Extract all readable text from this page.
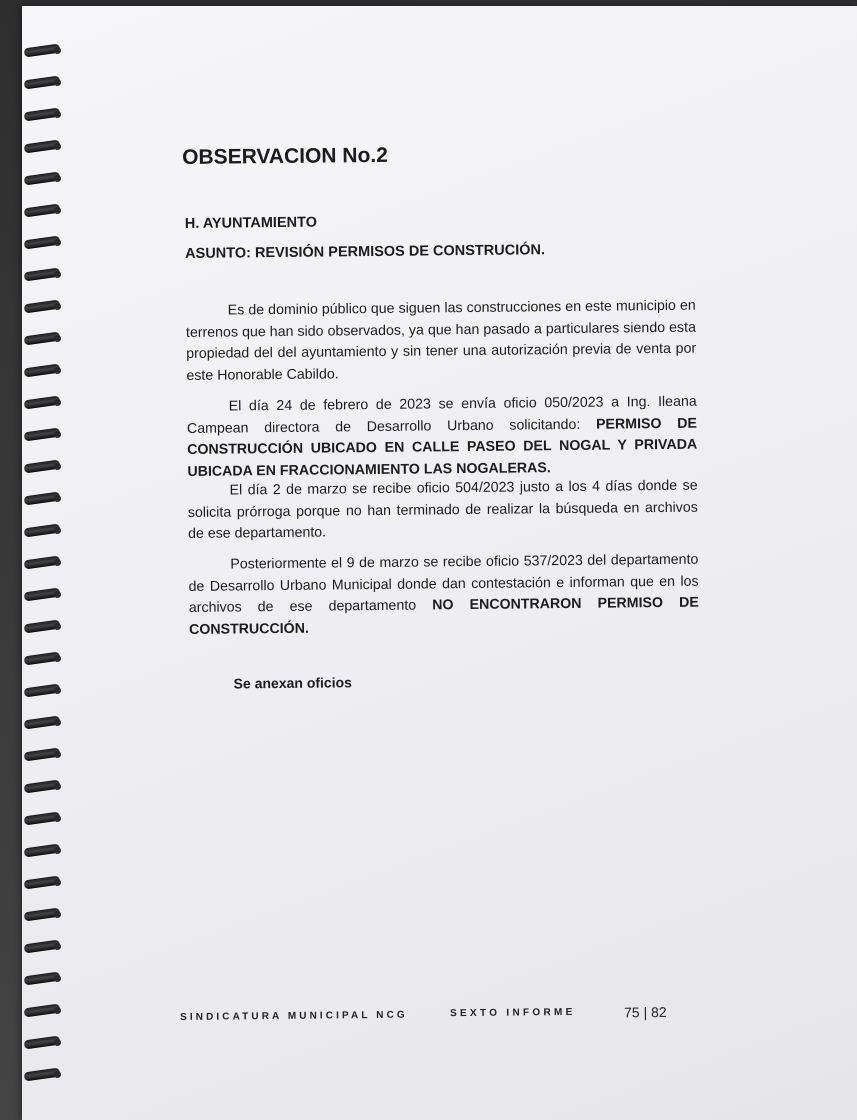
OBSERVACION No.2

H. AYUNTAMIENTO

ASUNTO: REVISIÓN PERMISOS DE CONSTRUCIÓN.

Es de dominio público que siguen las construcciones en este municipio en terrenos que han sido observados, ya que han pasado a particulares siendo esta propiedad del del ayuntamiento y sin tener una autorización previa de venta por este Honorable Cabildo.

El día 24 de febrero de 2023 se envía oficio 050/2023 a Ing. Ileana Campean directora de Desarrollo Urbano solicitando: PERMISO DE CONSTRUCCIÓN UBICADO EN CALLE PASEO DEL NOGAL Y PRIVADA UBICADA EN FRACCIONAMIENTO LAS NOGALERAS.

El día 2 de marzo se recibe oficio 504/2023 justo a los 4 días donde se solicita prórroga porque no han terminado de realizar la búsqueda en archivos de ese departamento.

Posteriormente el 9 de marzo se recibe oficio 537/2023 del departamento de Desarrollo Urbano Municipal donde dan contestación e informan que en los archivos de ese departamento NO ENCONTRARON PERMISO DE CONSTRUCCIÓN.

Se anexan oficios

SINDICATURA MUNICIPAL NCG	SEXTO INFORME	75 | 82
